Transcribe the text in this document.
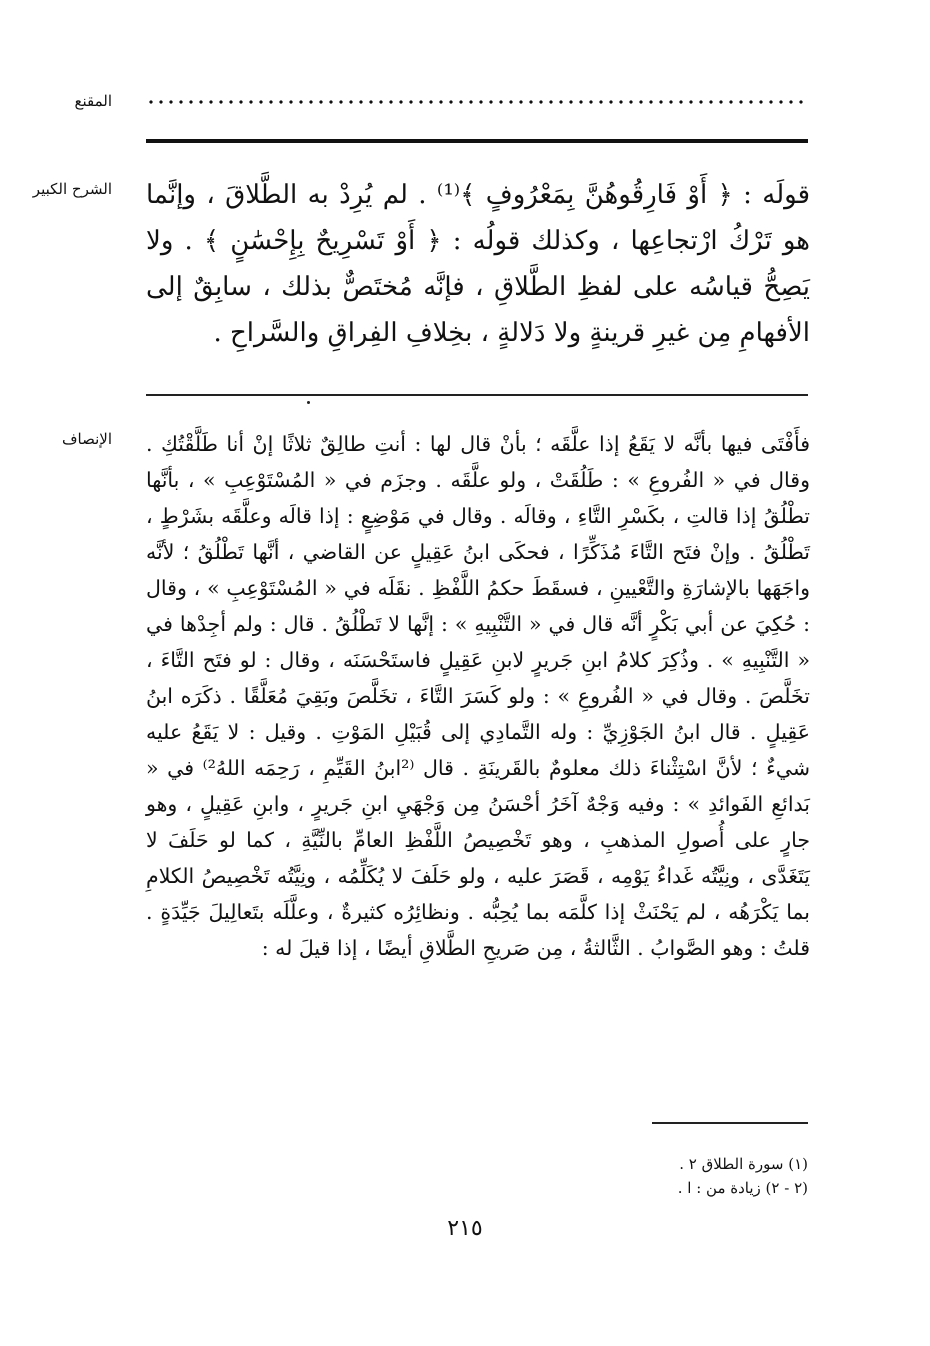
المقنع
الشرح الكبير قولَه : ﴿ أَوْ فَارِقُوهُنَّ بِمَعْرُوفٍ ﴾⁽¹⁾ . لم يُرِدْ به الطَّلاقَ ، وإنَّما هو تَرْكُ ارْتجاعِها ، وكذلك قولُه : ﴿ أَوْ تَسْرِيحٌ بِإِحْسَٰنٍ ﴾ . ولا يَصِحُّ قياسُه على لفظِ الطَّلاقِ ، فإنَّه مُختَصٌّ بذلك ، سابِقٌ إلى الأفهامِ مِن غيرِ قرينةٍ ولا دَلالةٍ ، بخِلافِ الفِراقِ والسَّراحِ .

الإنصاف فأَفْتَى فيها بأنَّه لا يَقَعُ إذا علَّقَه ؛ بأنْ قال لها : أنتِ طالِقٌ ثلاثًا إنْ أنا طَلَّقْتُكِ . وقال في « الفُروعِ » : طَلُقَتْ ، ولو علَّقَه . وجزَم في « المُسْتَوْعِبِ » ، بأنَّها تطْلُقُ إذا قالتِ ، بكَسْرِ التَّاءِ ، وقالَه . وقال في مَوْضِعٍ : إذا قالَه وعلَّقَه بشَرْطٍ ، تَطْلُقُ . وإنْ فتَح التَّاءَ مُذَكِّرًا ، فحكَى ابنُ عَقِيلٍ عن القاضي ، أنَّها تَطْلُقُ ؛ لأنَّه واجَهَها بالإشارَةِ والتَّعْيينِ ، فسقَطَ حكمُ اللَّفْظِ . نقَلَه في « المُسْتَوْعِبِ » ، وقال : حُكِيَ عن أبي بَكْرٍ أنَّه قال في « التَّنْبِيهِ » : إنَّها لا تَطْلُقُ . قال : ولم أجِدْها في « التَّنْبِيهِ » . وذُكِرَ كلامُ ابنِ جَريرٍ لابنِ عَقِيلٍ فاستَحْسَنَه ، وقال : لو فتَح التَّاءَ ، تخَلَّصَ . وقال في « الفُروعِ » : ولو كَسَرَ التَّاءَ ، تخَلَّصَ وبَقِيَ مُعَلَّقًا . ذكَرَه ابنُ عَقِيلٍ . قال ابنُ الجَوْزِيِّ : وله التَّمادِي إلى قُبَيْلِ المَوْتِ . وقيل : لا يَقَعُ عليه شيءٌ ؛ لأنَّ اسْتِثْناءَ ذلك معلومٌ بالقَرينَةِ . قال ⁽²ابنُ القَيِّمِ ، رَحِمَه اللهُ²⁾ في « بَدائعِ الفَوائدِ » : وفيه وَجْهٌ آخَرُ أحْسَنُ مِن وَجْهَيِ ابنِ جَريرٍ ، وابنِ عَقِيلٍ ، وهو جارٍ على أُصولِ المذهبِ ، وهو تَخْصِيصُ اللَّفْظِ العامِّ بالنِّيَّةِ ، كما لو حَلَفَ لا يَتَغَدَّى ، ونِيَّتُه غَداءُ يَوْمِه ، قَصَرَ عليه ، ولو حَلَفَ لا يُكَلِّمُه ، ونِيَّتُه تَخْصِيصُ الكلامِ بما يَكْرَهُه ، لم يَحْنَثْ إذا كلَّمَه بما يُحِبُّه . ونظائِرُه كثيرةٌ ، وعلَّلَه بتَعالِيلَ جَيِّدَةٍ . قلتُ : وهو الصَّوابُ . الثَّالثةُ ، مِن صَريحِ الطَّلاقِ أيضًا ، إذا قيلَ له :

(١) سورة الطلاق ٢ .
(٢ - ٢) زيادة من : ا .
٢١٥
